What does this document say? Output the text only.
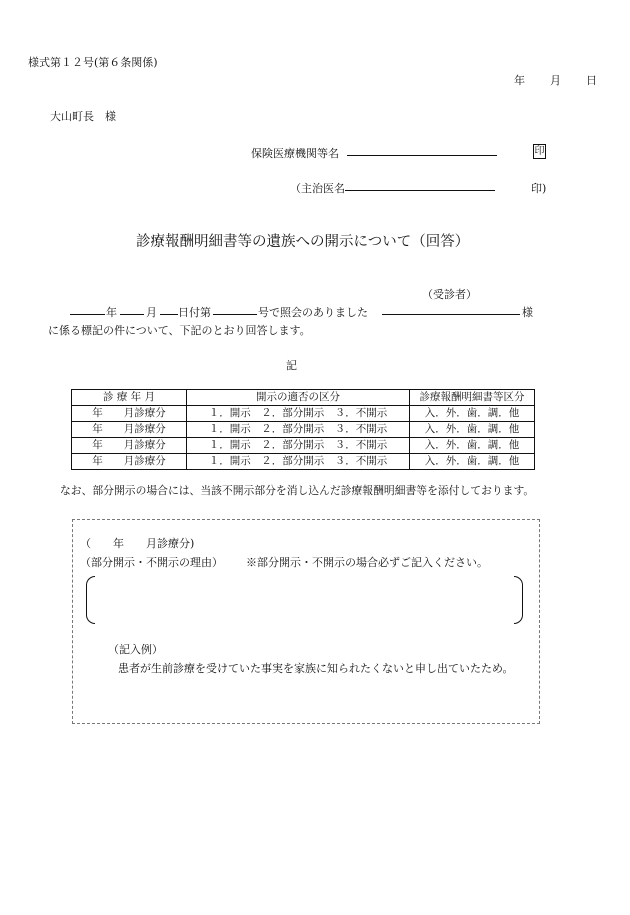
様式第１２号(第６条関係)
年 月 日
大山町長　様
保険医療機関等名	印
（主治医名	印)
診療報酬明細書等の遺族への開示について（回答）
（受診者）
年	月 日付第	号で照会のありました	様
に係る標記の件について、下記のとおり回答します。
記
診 療 年 月	開示の適否の区分	診療報酬明細書等区分
年　　月診療分	１．開示　２．部分開示　３．不開示	入．外．歯．調．他
年　　月診療分	１．開示　２．部分開示　３．不開示	入．外．歯．調．他
年　　月診療分	１．開示　２．部分開示　３．不開示	入．外．歯．調．他
年　　月診療分	１．開示　２．部分開示　３．不開示	入．外．歯．調．他
なお、部分開示の場合には、当該不開示部分を消し込んだ診療報酬明細書等を添付しております。
（　　年　　月診療分)
（部分開示・不開示の理由） ※部分開示・不開示の場合必ずご記入ください。
（記入例）
患者が生前診療を受けていた事実を家族に知られたくないと申し出ていたため。
